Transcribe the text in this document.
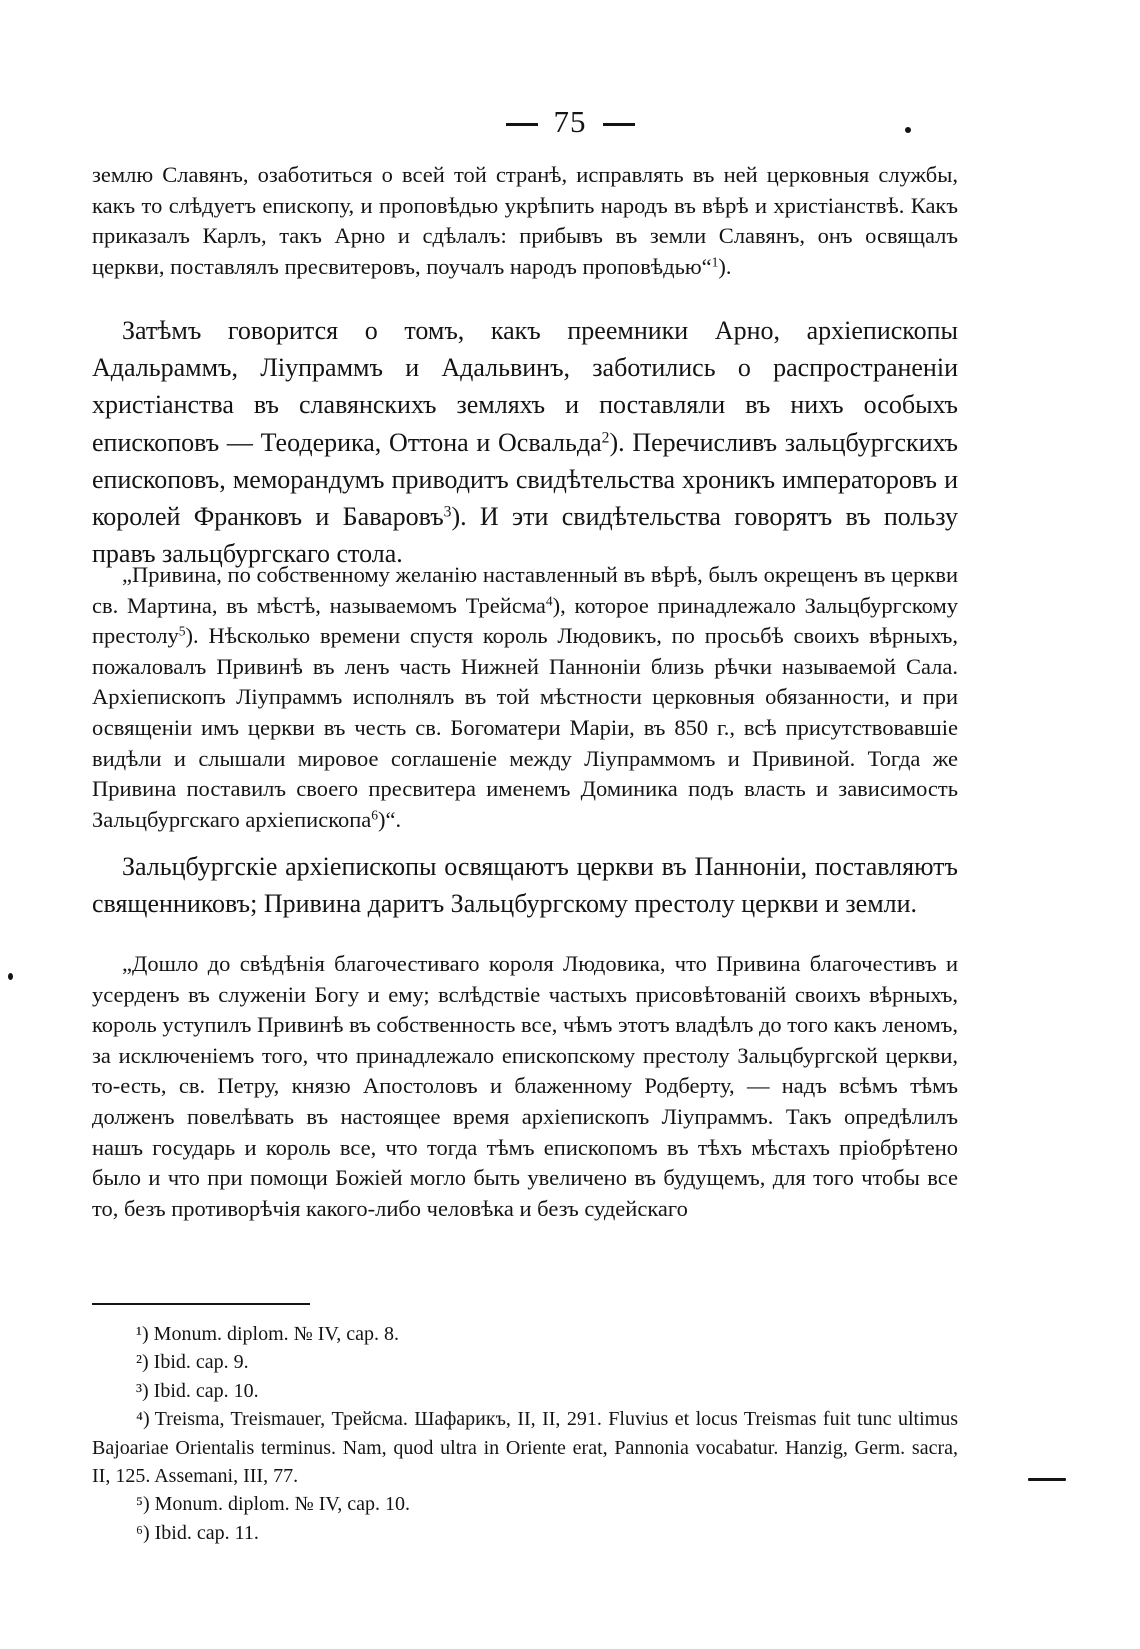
75

землю Славянъ, озаботиться о всей той странѣ, исправлять въ ней церковныя службы, какъ то слѣдуетъ епископу, и проповѣдью укрѣпить народъ въ вѣрѣ и христіанствѣ. Какъ приказалъ Карлъ, такъ Арно и сдѣлалъ: прибывъ въ земли Славянъ, онъ освящалъ церкви, поставлялъ пресвитеровъ, поучалъ народъ проповѣдью“$^1$).

Затѣмъ говорится о томъ, какъ преемники Арно, архіепископы Адальраммъ, Ліупраммъ и Адальвинъ, заботились о распространеніи христіанства въ славянскихъ земляхъ и поставляли въ нихъ особыхъ епископовъ — Теодерика, Оттона и Освальда$^2$). Перечисливъ зальцбургскихъ епископовъ, меморандумъ приводитъ свидѣтельства хроникъ императоровъ и королей Франковъ и Баваровъ$^3$). И эти свидѣтельства говорятъ въ пользу правъ зальцбургскаго стола.

„Привина, по собственному желанію наставленный въ вѣрѣ, былъ окрещенъ въ церкви св. Мартина, въ мѣстѣ, называемомъ Трейсма$^4$), которое принадлежало Зальцбургскому престолу$^5$). Нѣсколько времени спустя король Людовикъ, по просьбѣ своихъ вѣрныхъ, пожаловалъ Привинѣ въ ленъ часть Нижней Панноніи близь рѣчки называемой Сала. Архіепископъ Ліупраммъ исполнялъ въ той мѣстности церковныя обязанности, и при освященіи имъ церкви въ честь св. Богоматери Маріи, въ 850 г., всѣ присутствовавшіе видѣли и слышали мировое соглашеніе между Ліупраммомъ и Привиной. Тогда же Привина поставилъ своего пресвитера именемъ Доминика подъ власть и зависимость Зальцбургскаго архіепископа$^6$)“.

Зальцбургскіе архіепископы освящаютъ церкви въ Панноніи, поставляютъ священниковъ; Привина даритъ Зальцбургскому престолу церкви и земли.

„Дошло до свѣдѣнія благочестиваго короля Людовика, что Привина благочестивъ и усерденъ въ служеніи Богу и ему; вслѣдствіе частыхъ присовѣтованій своихъ вѣрныхъ, король уступилъ Привинѣ въ собственность все, чѣмъ этотъ владѣлъ до того какъ леномъ, за исключеніемъ того, что принадлежало епископскому престолу Зальцбургской церкви, то-есть, св. Петру, князю Апостоловъ и блаженному Родберту, — надъ всѣмъ тѣмъ долженъ повелѣвать въ настоящее время архіепископъ Ліупраммъ. Такъ опредѣлилъ нашъ государь и король все, что тогда тѣмъ епископомъ въ тѣхъ мѣстахъ пріобрѣтено было и что при помощи Божіей могло быть увеличено въ будущемъ, для того чтобы все то, безъ противорѣчія какого-либо человѣка и безъ судейскаго

¹) Monum. diplom. № IV, cap. 8.

²) Ibid. cap. 9.

³) Ibid. cap. 10.

⁴) Treisma, Treismauer, Трейсма. Шафарикъ, II, II, 291. Fluvius et locus Treismas fuit tunc ultimus Bajoariae Orientalis terminus. Nam, quod ultra in Oriente erat, Pannonia vocabatur. Hanzig, Germ. sacra, II, 125. Assemani, III, 77.

⁵) Monum. diplom. № IV, cap. 10.

⁶) Ibid. cap. 11.
